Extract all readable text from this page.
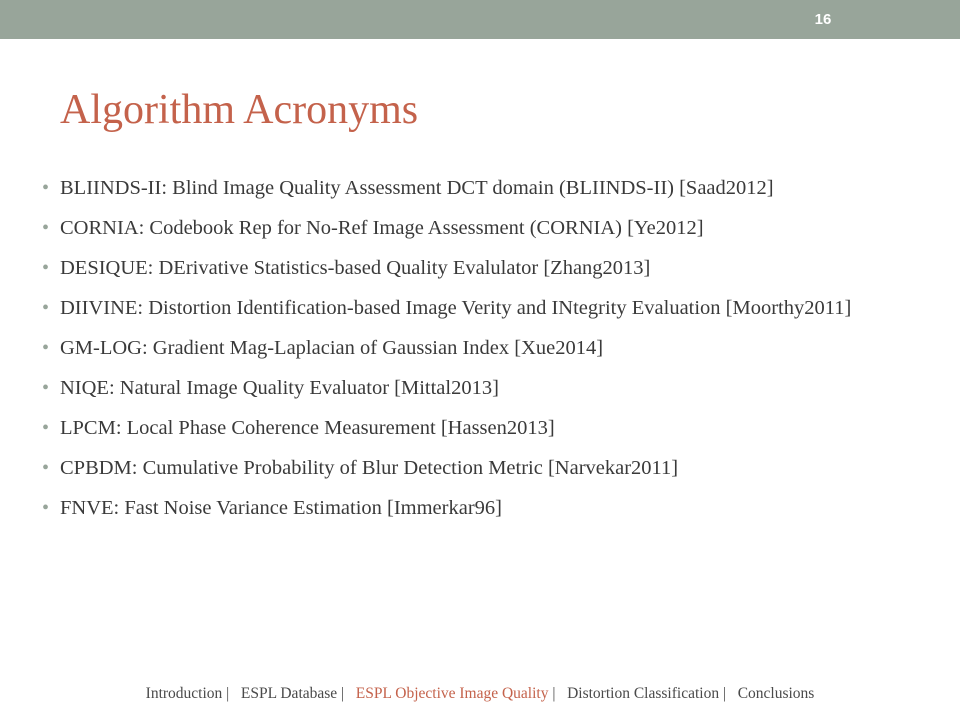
16
Algorithm Acronyms
• BLIINDS-II: Blind Image Quality Assessment DCT domain (BLIINDS-II) [Saad2012]
• CORNIA: Codebook Rep for No-Ref Image Assessment (CORNIA) [Ye2012]
• DESIQUE: DErivative Statistics-based Quality Evalulator [Zhang2013]
• DIIVINE: Distortion Identification-based Image Verity and INtegrity Evaluation [Moorthy2011]
• GM-LOG: Gradient Mag-Laplacian of Gaussian Index [Xue2014]
• NIQE: Natural Image Quality Evaluator [Mittal2013]
• LPCM: Local Phase Coherence Measurement [Hassen2013]
• CPBDM: Cumulative Probability of Blur Detection Metric [Narvekar2011]
• FNVE: Fast Noise Variance Estimation [Immerkar96]
Introduction | ESPL Database | ESPL Objective Image Quality | Distortion Classification | Conclusions
